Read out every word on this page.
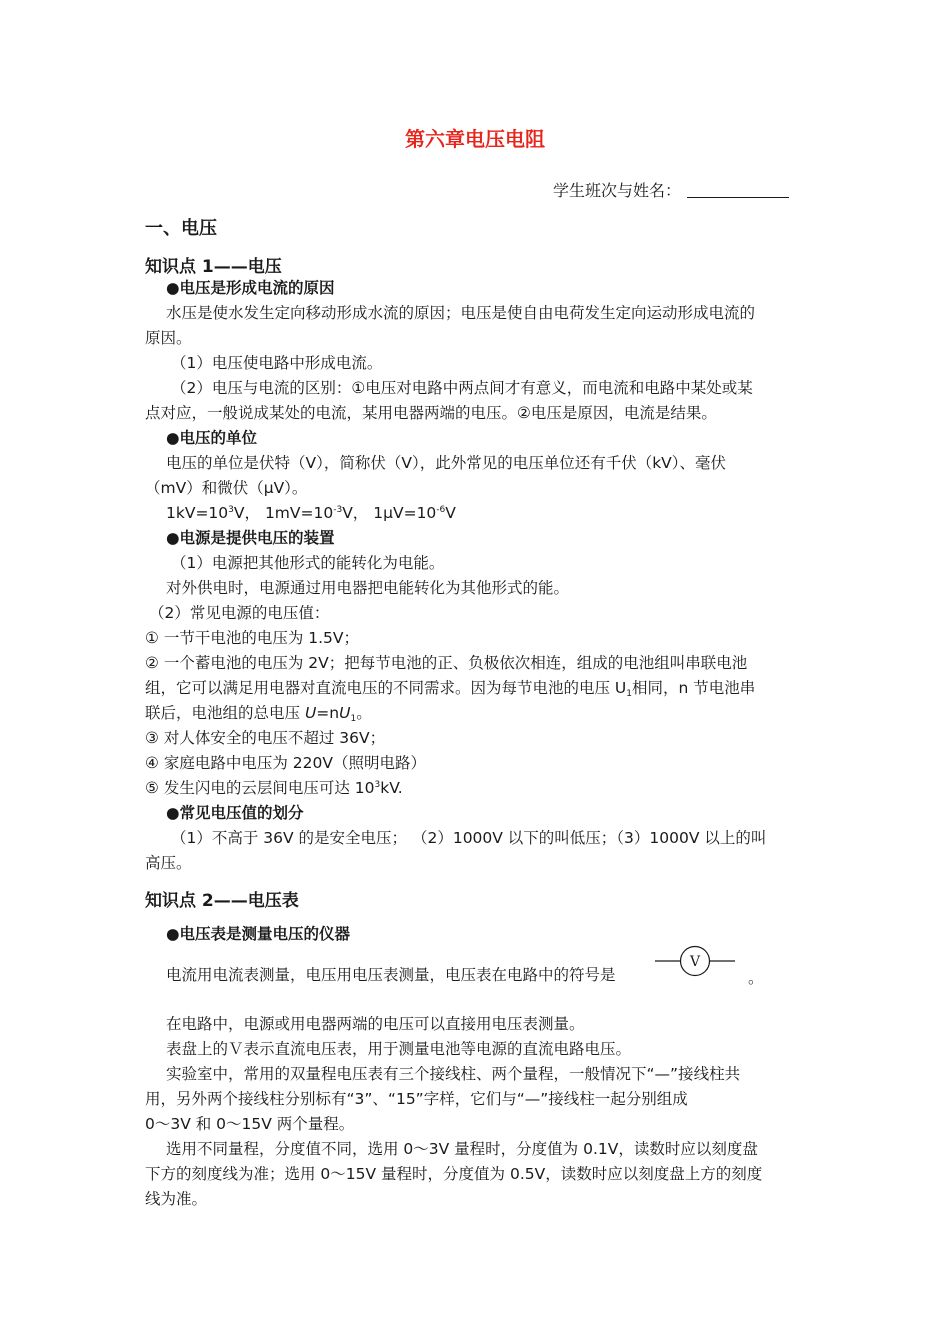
第六章电压电阻
学生班次与姓名：
一、电压
知识点 1——电压
●电压是形成电流的原因
水压是使水发生定向移动形成水流的原因；电压是使自由电荷发生定向运动形成电流的
原因。
（1）电压使电路中形成电流。
（2）电压与电流的区别：①电压对电路中两点间才有意义，而电流和电路中某处或某
点对应，一般说成某处的电流，某用电器两端的电压。②电压是原因，电流是结果。
●电压的单位
电压的单位是伏特（V），简称伏（V），此外常见的电压单位还有千伏（kV）、毫伏
（mV）和微伏（μV）。
$1kV=10^3V$， $1mV=10^{-3}V$， $1\mu V=10^{-6}V$
●电源是提供电压的装置
（1）电源把其他形式的能转化为电能。
对外供电时，电源通过用电器把电能转化为其他形式的能。
（2）常见电源的电压值：
① 一节干电池的电压为 1.5V；
② 一个蓄电池的电压为 2V；把每节电池的正、负极依次相连，组成的电池组叫串联电池
组，它可以满足用电器对直流电压的不同需求。因为每节电池的电压 $U_1$相同，n 节电池串
联后，电池组的总电压 $U=nU_1$。
③ 对人体安全的电压不超过 36V；
④ 家庭电路中电压为 220V（照明电路）
⑤ 发生闪电的云层间电压可达 $10^3kV$.
●常见电压值的划分
（1）不高于 36V 的是安全电压； （2）1000V 以下的叫低压；（3）1000V 以上的叫
高压。
知识点 2——电压表
●电压表是测量电压的仪器
电流用电流表测量，电压用电压表测量，电压表在电路中的符号是	。
V
在电路中，电源或用电器两端的电压可以直接用电压表测量。
表盘上的Ｖ表示直流电压表，用于测量电池等电源的直流电路电压。
实验室中，常用的双量程电压表有三个接线柱、两个量程，一般情况下“—”接线柱共
用，另外两个接线柱分别标有“3”、“15”字样，它们与“—”接线柱一起分别组成
0～3V 和 0～15V 两个量程。
选用不同量程，分度值不同，选用 0～3V 量程时，分度值为 0.1V，读数时应以刻度盘
下方的刻度线为准；选用 0～15V 量程时，分度值为 0.5V，读数时应以刻度盘上方的刻度
线为准。
